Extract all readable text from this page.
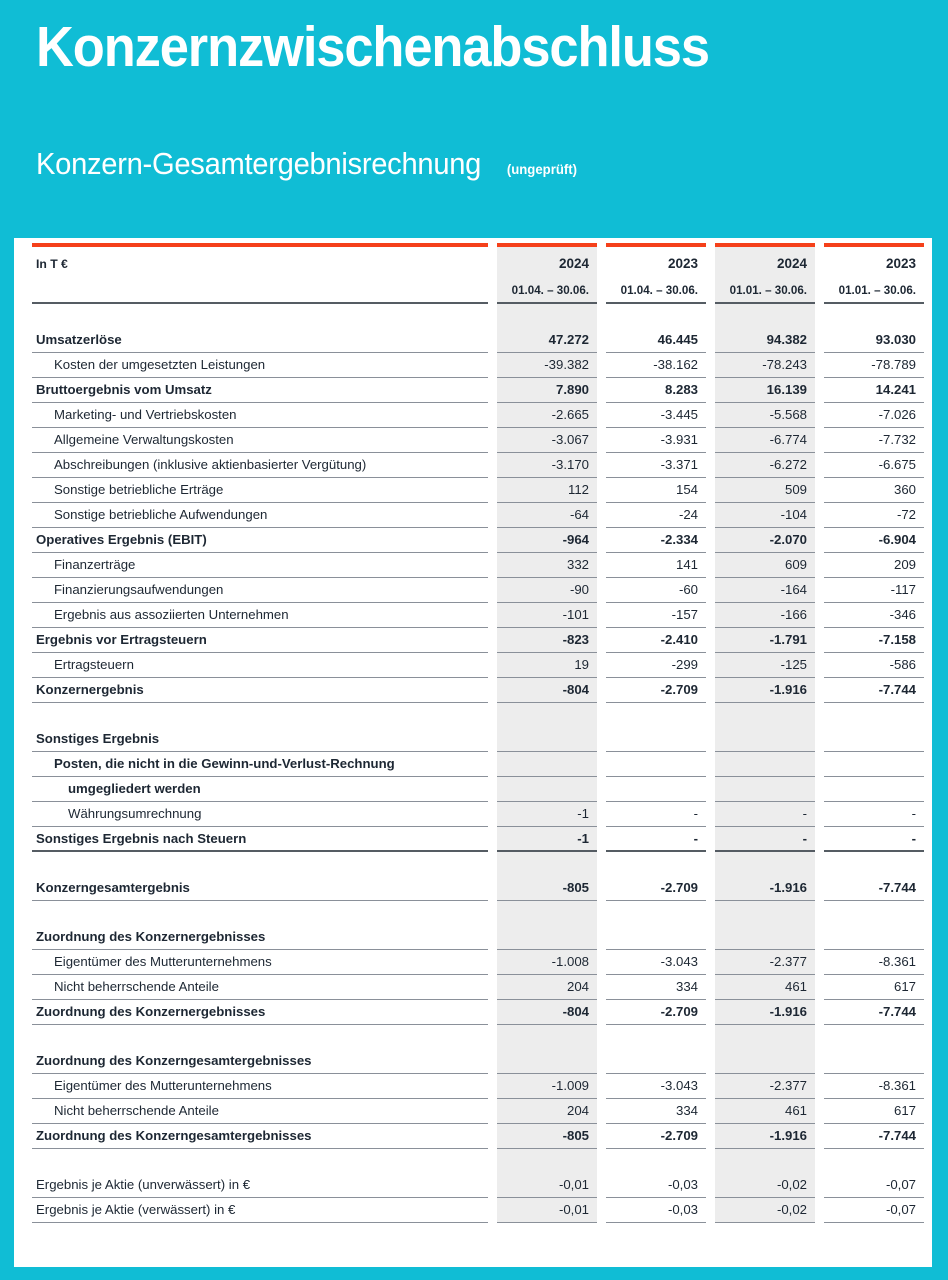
Konzernzwischenabschluss
Konzern-Gesamtergebnisrechnung (ungeprüft)

In T €		2024		2023		2024		2023

		01.04. – 30.06.		01.04. – 30.06.		01.01. – 30.06.		01.01. – 30.06.

Umsatzerlöse		47.272		46.445		94.382		93.030

Kosten der umgesetzten Leistungen		-39.382		-38.162		-78.243		-78.789

Bruttoergebnis vom Umsatz		7.890		8.283		16.139		14.241

Marketing- und Vertriebskosten		-2.665		-3.445		-5.568		-7.026

Allgemeine Verwaltungskosten		-3.067		-3.931		-6.774		-7.732

Abschreibungen (inklusive aktienbasierter Vergütung)		-3.170		-3.371		-6.272		-6.675

Sonstige betriebliche Erträge		112		154		509		360

Sonstige betriebliche Aufwendungen		-64		-24		-104		-72

Operatives Ergebnis (EBIT)		-964		-2.334		-2.070		-6.904

Finanzerträge		332		141		609		209

Finanzierungsaufwendungen		-90		-60		-164		-117

Ergebnis aus assoziierten Unternehmen		-101		-157		-166		-346

Ergebnis vor Ertragsteuern		-823		-2.410		-1.791		-7.158

Ertragsteuern		19		-299		-125		-586

Konzernergebnis		-804		-2.709		-1.916		-7.744

Sonstiges Ergebnis								

Posten, die nicht in die Gewinn-und-Verlust-Rechnung								

umgegliedert werden								

Währungsumrechnung		-1		-		-		-

Sonstiges Ergebnis nach Steuern		-1		-		-		-

Konzerngesamtergebnis		-805		-2.709		-1.916		-7.744

Zuordnung des Konzernergebnisses								

Eigentümer des Mutterunternehmens		-1.008		-3.043		-2.377		-8.361

Nicht beherrschende Anteile		204		334		461		617

Zuordnung des Konzernergebnisses		-804		-2.709		-1.916		-7.744

Zuordnung des Konzerngesamtergebnisses								

Eigentümer des Mutterunternehmens		-1.009		-3.043		-2.377		-8.361

Nicht beherrschende Anteile		204		334		461		617

Zuordnung des Konzerngesamtergebnisses		-805		-2.709		-1.916		-7.744

Ergebnis je Aktie (unverwässert) in €		-0,01		-0,03		-0,02		-0,07

Ergebnis je Aktie (verwässert) in €		-0,01		-0,03		-0,02		-0,07
